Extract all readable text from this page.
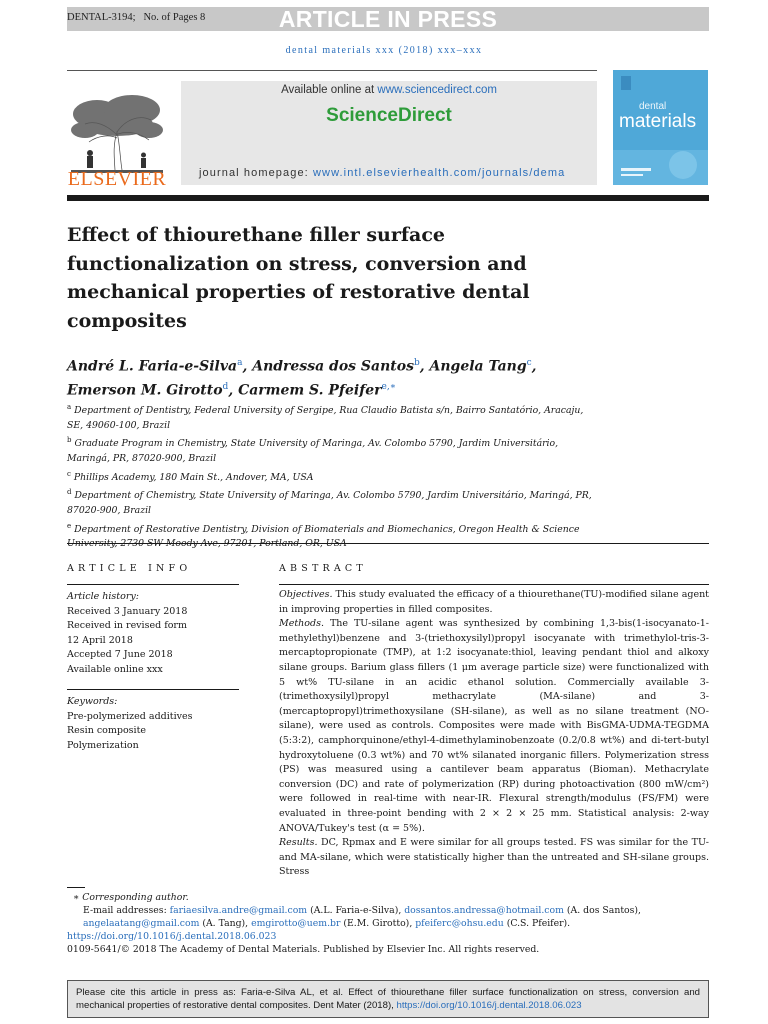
DENTAL-3194; No. of Pages 8	ARTICLE IN PRESS
dental materials xxx (2018) xxx–xxx
ELSEVIER
Available online at www.sciencedirect.com
ScienceDirect
journal homepage: www.intl.elsevierhealth.com/journals/dema
dental
materials
Effect of thiourethane filler surface functionalization on stress, conversion and mechanical properties of restorative dental composites
André L. Faria-e-Silva$^a$, Andressa dos Santos$^b$, Angela Tang$^c$,
Emerson M. Girotto$^d$, Carmem S. Pfeifer$^{e,∗}$
$^a$ Department of Dentistry, Federal University of Sergipe, Rua Claudio Batista s/n, Bairro Santatório, Aracaju, SE, 49060-100, Brazil
$^b$ Graduate Program in Chemistry, State University of Maringa, Av. Colombo 5790, Jardim Universitário, Maringá, PR, 87020-900, Brazil
$^c$ Phillips Academy, 180 Main St., Andover, MA, USA
$^d$ Department of Chemistry, State University of Maringa, Av. Colombo 5790, Jardim Universitário, Maringá, PR, 87020-900, Brazil
$^e$ Department of Restorative Dentistry, Division of Biomaterials and Biomechanics, Oregon Health & Science
ARTICLE INFO	ABSTRACT
Article history:
Received 3 January 2018
Received in revised form
12 April 2018
Accepted 7 June 2018
Available online xxx
Keywords:
Pre-polymerized additives
Resin composite
Polymerization
Objectives. This study evaluated the efficacy of a thiourethane(TU)-modified silane agent in improving properties in filled composites.
Methods. The TU-silane agent was synthesized by combining 1,3-bis(1-isocyanato-1-methylethyl)benzene and 3-(triethoxysilyl)propyl isocyanate with trimethylol-tris-3-mercaptopropionate (TMP), at 1:2 isocyanate:thiol, leaving pendant thiol and alkoxy silane groups. Barium glass fillers (1 μm average particle size) were functionalized with 5 wt% TU-silane in an acidic ethanol solution. Commercially available 3-(trimethoxysilyl)propyl methacrylate (MA-silane) and 3-(mercaptopropyl)trimethoxysilane (SH-silane), as well as no silane treatment (NO-silane), were used as controls. Composites were made with BisGMA-UDMA-TEGDMA (5:3:2), camphorquinone/ethyl-4-dimethylaminobenzoate (0.2/0.8 wt%) and di-tert-butyl hydroxytoluene (0.3 wt%) and 70 wt% silanated inorganic fillers. Polymerization stress (PS) was measured using a cantilever beam apparatus (Bioman). Methacrylate conversion (DC) and rate of polymerization (RP) during photoactivation (800 mW/cm²) were followed in real-time with near-IR. Flexural strength/modulus (FS/FM) were evaluated in three-point bending with 2 × 2 × 25 mm. Statistical analysis: 2-way ANOVA/Tukey's test (α = 5%).
Results. DC, Rpmax and E were similar for all groups tested. FS was similar for the TU- and MA-silane, which were statistically higher than the untreated and SH-silane groups. Stress
∗ Corresponding author.
E-mail addresses: fariaesilva.andre@gmail.com (A.L. Faria-e-Silva), dossantos.andressa@hotmail.com (A. dos Santos), angelaatang@gmail.com (A. Tang), emgirotto@uem.br (E.M. Girotto), pfeiferc@ohsu.edu (C.S. Pfeifer).
https://doi.org/10.1016/j.dental.2018.06.023
0109-5641/© 2018 The Academy of Dental Materials. Published by Elsevier Inc. All rights reserved.
Please cite this article in press as: Faria-e-Silva AL, et al. Effect of thiourethane filler surface functionalization on stress, conversion and mechanical properties of restorative dental composites. Dent Mater (2018), https://doi.org/10.1016/j.dental.2018.06.023
